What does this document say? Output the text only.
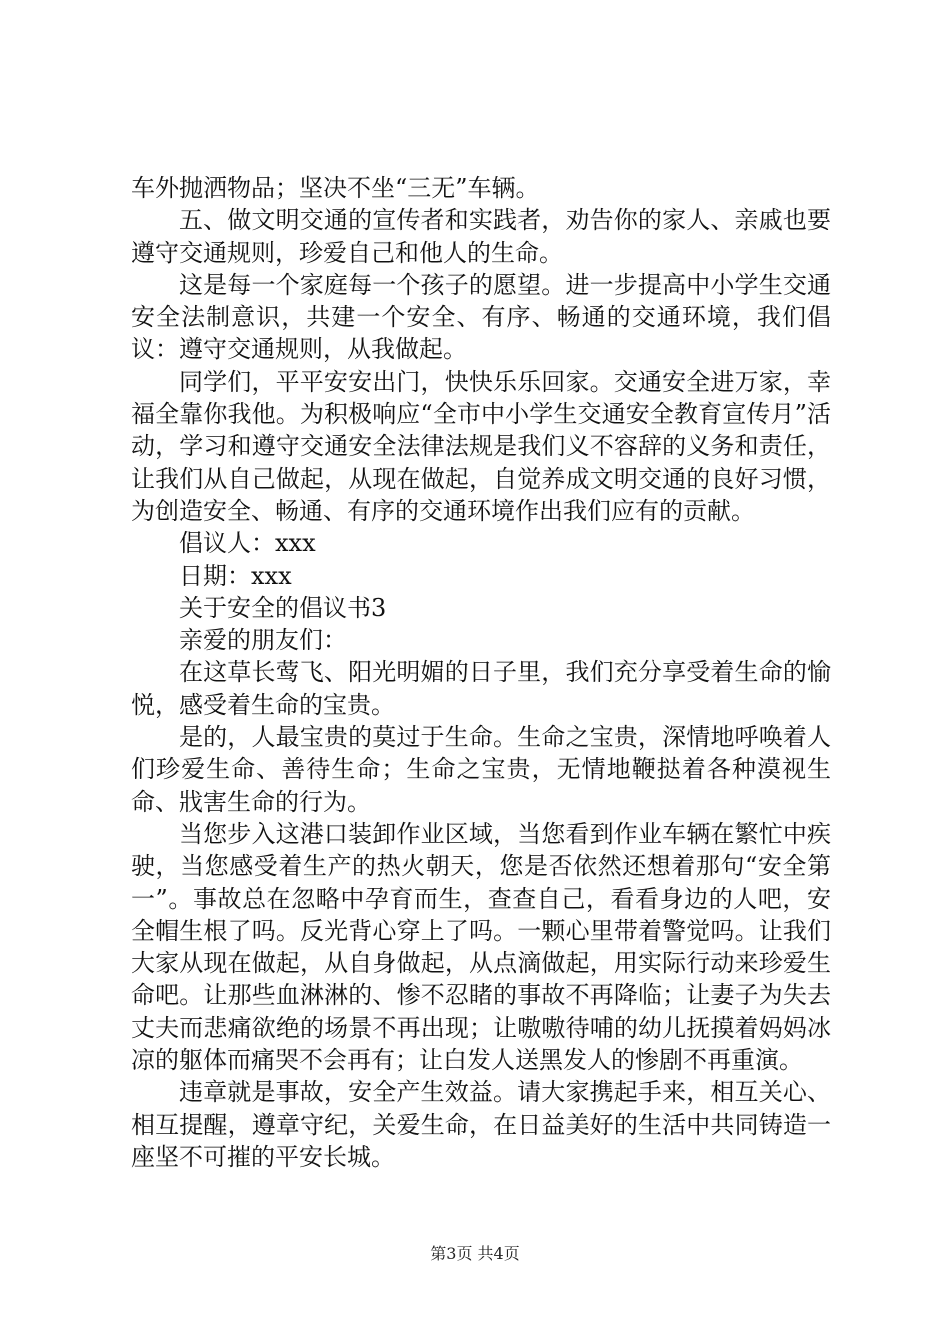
车外抛洒物品；坚决不坐“三无”车辆。

五、做文明交通的宣传者和实践者，劝告你的家人、亲戚也要遵守交通规则，珍爱自己和他人的生命。

这是每一个家庭每一个孩子的愿望。进一步提高中小学生交通安全法制意识，共建一个安全、有序、畅通的交通环境，我们倡议：遵守交通规则，从我做起。

同学们，平平安安出门，快快乐乐回家。交通安全进万家，幸福全靠你我他。为积极响应“全市中小学生交通安全教育宣传月”活动，学习和遵守交通安全法律法规是我们义不容辞的义务和责任，让我们从自己做起，从现在做起，自觉养成文明交通的良好习惯，为创造安全、畅通、有序的交通环境作出我们应有的贡献。

倡议人：xxx

日期：xxx

关于安全的倡议书3

亲爱的朋友们：

在这草长莺飞、阳光明媚的日子里，我们充分享受着生命的愉悦，感受着生命的宝贵。

是的，人最宝贵的莫过于生命。生命之宝贵，深情地呼唤着人们珍爱生命、善待生命；生命之宝贵，无情地鞭挞着各种漠视生命、戕害生命的行为。

当您步入这港口装卸作业区域，当您看到作业车辆在繁忙中疾驶，当您感受着生产的热火朝天，您是否依然还想着那句“安全第一”。事故总在忽略中孕育而生，查查自己，看看身边的人吧，安全帽生根了吗。反光背心穿上了吗。一颗心里带着警觉吗。让我们大家从现在做起，从自身做起，从点滴做起，用实际行动来珍爱生命吧。让那些血淋淋的、惨不忍睹的事故不再降临；让妻子为失去丈夫而悲痛欲绝的场景不再出现；让嗷嗷待哺的幼儿抚摸着妈妈冰凉的躯体而痛哭不会再有；让白发人送黑发人的惨剧不再重演。

违章就是事故，安全产生效益。请大家携起手来，相互关心、相互提醒，遵章守纪，关爱生命，在日益美好的生活中共同铸造一座坚不可摧的平安长城。

第3页 共4页
